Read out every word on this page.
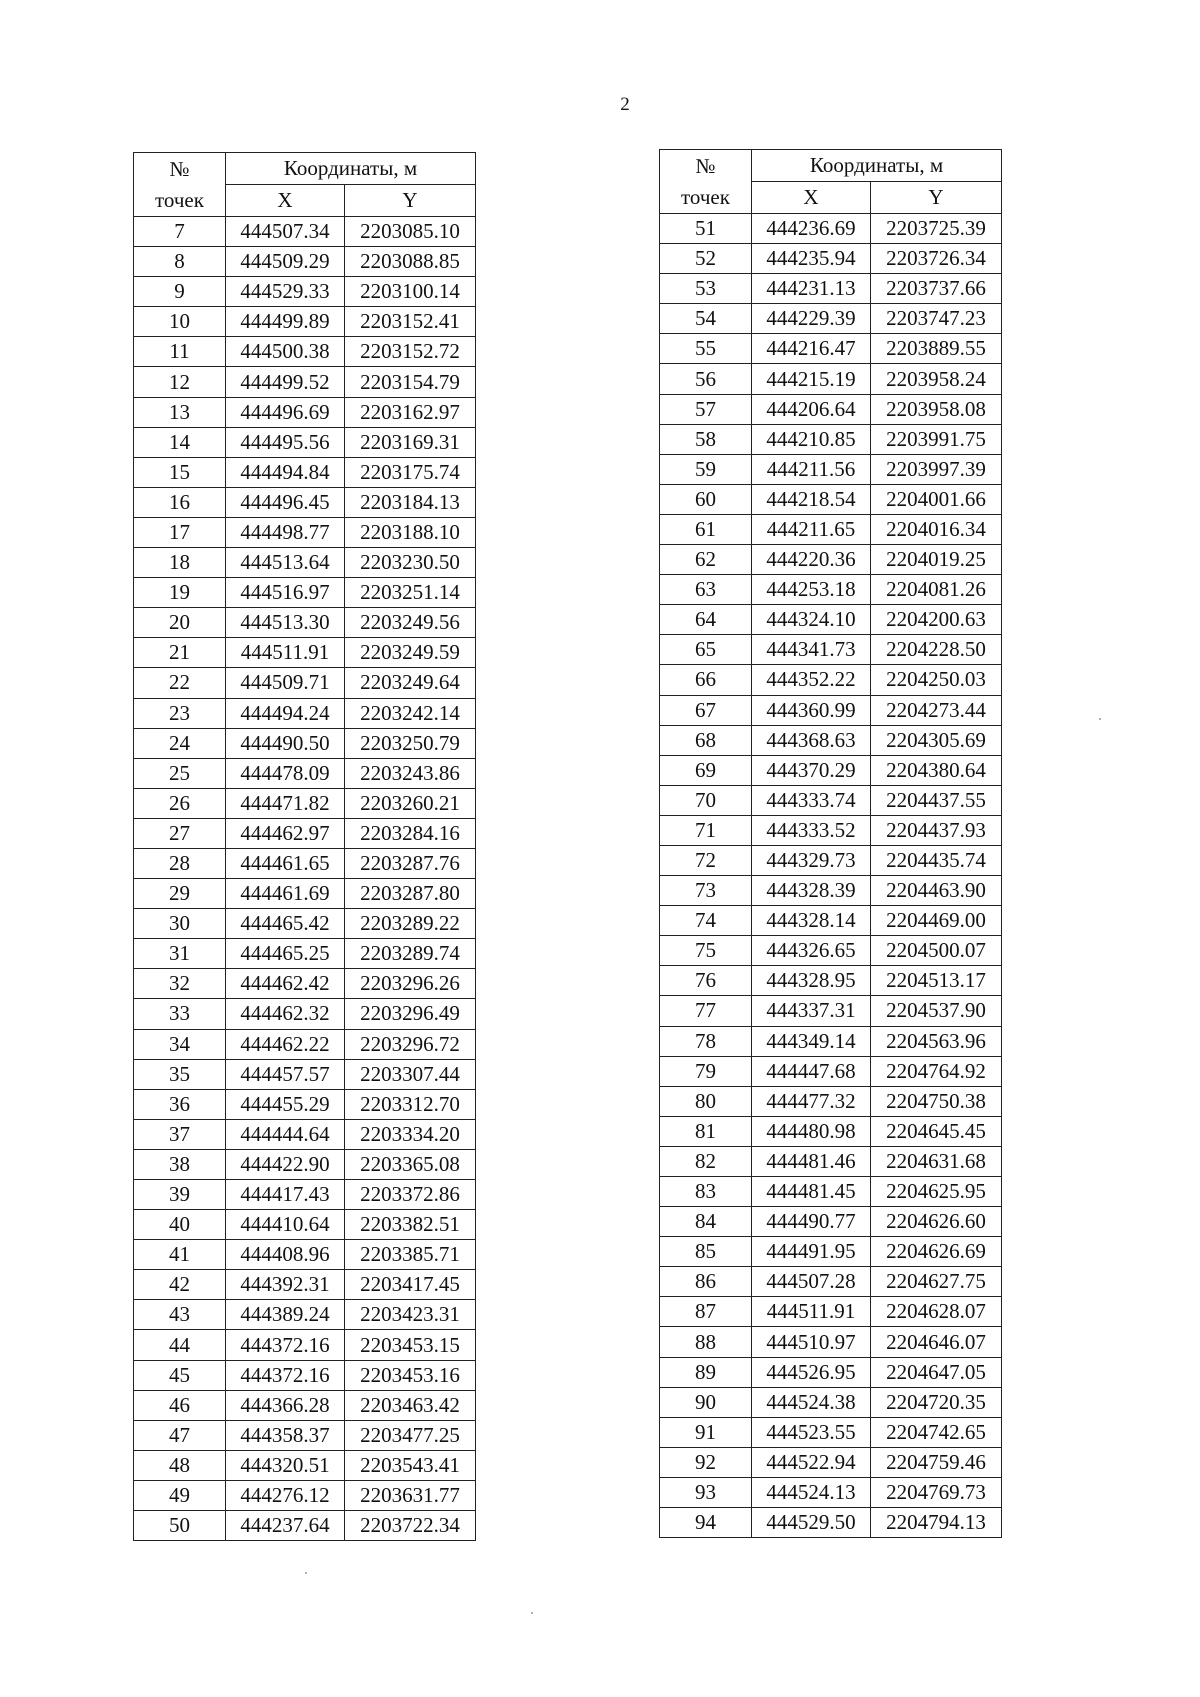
2
№
точек	Координаты, м	
	X	Y
7	444507.34	2203085.10
8	444509.29	2203088.85
9	444529.33	2203100.14
10	444499.89	2203152.41
11	444500.38	2203152.72
12	444499.52	2203154.79
13	444496.69	2203162.97
14	444495.56	2203169.31
15	444494.84	2203175.74
16	444496.45	2203184.13
17	444498.77	2203188.10
18	444513.64	2203230.50
19	444516.97	2203251.14
20	444513.30	2203249.56
21	444511.91	2203249.59
22	444509.71	2203249.64
23	444494.24	2203242.14
24	444490.50	2203250.79
25	444478.09	2203243.86
26	444471.82	2203260.21
27	444462.97	2203284.16
28	444461.65	2203287.76
29	444461.69	2203287.80
30	444465.42	2203289.22
31	444465.25	2203289.74
32	444462.42	2203296.26
33	444462.32	2203296.49
34	444462.22	2203296.72
35	444457.57	2203307.44
36	444455.29	2203312.70
37	444444.64	2203334.20
38	444422.90	2203365.08
39	444417.43	2203372.86
40	444410.64	2203382.51
41	444408.96	2203385.71
42	444392.31	2203417.45
43	444389.24	2203423.31
44	444372.16	2203453.15
45	444372.16	2203453.16
46	444366.28	2203463.42
47	444358.37	2203477.25
48	444320.51	2203543.41
49	444276.12	2203631.77
50	444237.64	2203722.34
№
точек	Координаты, м	
	X	Y
51	444236.69	2203725.39
52	444235.94	2203726.34
53	444231.13	2203737.66
54	444229.39	2203747.23
55	444216.47	2203889.55
56	444215.19	2203958.24
57	444206.64	2203958.08
58	444210.85	2203991.75
59	444211.56	2203997.39
60	444218.54	2204001.66
61	444211.65	2204016.34
62	444220.36	2204019.25
63	444253.18	2204081.26
64	444324.10	2204200.63
65	444341.73	2204228.50
66	444352.22	2204250.03
67	444360.99	2204273.44
68	444368.63	2204305.69
69	444370.29	2204380.64
70	444333.74	2204437.55
71	444333.52	2204437.93
72	444329.73	2204435.74
73	444328.39	2204463.90
74	444328.14	2204469.00
75	444326.65	2204500.07
76	444328.95	2204513.17
77	444337.31	2204537.90
78	444349.14	2204563.96
79	444447.68	2204764.92
80	444477.32	2204750.38
81	444480.98	2204645.45
82	444481.46	2204631.68
83	444481.45	2204625.95
84	444490.77	2204626.60
85	444491.95	2204626.69
86	444507.28	2204627.75
87	444511.91	2204628.07
88	444510.97	2204646.07
89	444526.95	2204647.05
90	444524.38	2204720.35
91	444523.55	2204742.65
92	444522.94	2204759.46
93	444524.13	2204769.73
94	444529.50	2204794.13
